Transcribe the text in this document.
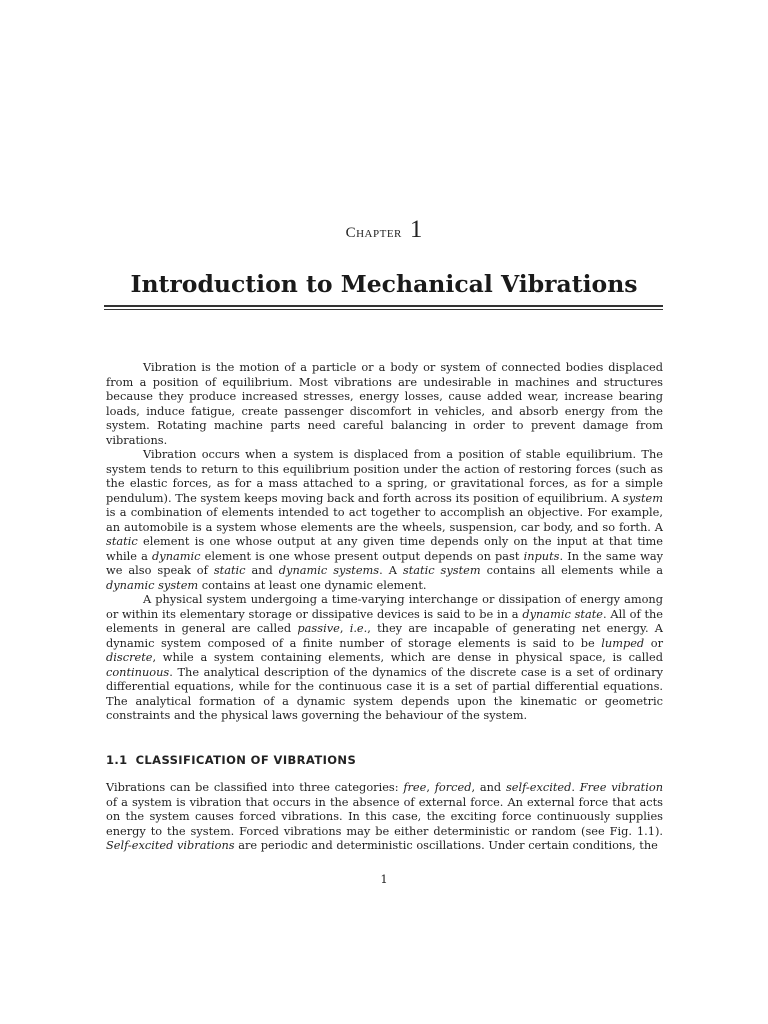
Chapter 1
Introduction to Mechanical Vibrations

Vibration is the motion of a particle or a body or system of connected bodies displaced from a position of equilibrium. Most vibrations are undesirable in machines and structures because they produce increased stresses, energy losses, cause added wear, increase bearing loads, induce fatigue, create passenger discomfort in vehicles, and absorb energy from the system. Rotating machine parts need careful balancing in order to prevent damage from vibrations.

Vibration occurs when a system is displaced from a position of stable equilibrium. The system tends to return to this equilibrium position under the action of restoring forces (such as the elastic forces, as for a mass attached to a spring, or gravitational forces, as for a simple pendulum). The system keeps moving back and forth across its position of equilibrium. A system is a combination of elements intended to act together to accomplish an objective. For example, an automobile is a system whose elements are the wheels, suspension, car body, and so forth. A static element is one whose output at any given time depends only on the input at that time while a dynamic element is one whose present output depends on past inputs. In the same way we also speak of static and dynamic systems. A static system contains all elements while a dynamic system contains at least one dynamic element.

A physical system undergoing a time-varying interchange or dissipation of energy among or within its elementary storage or dissipative devices is said to be in a dynamic state. All of the elements in general are called passive, i.e., they are incapable of generating net energy. A dynamic system composed of a finite number of storage elements is said to be lumped or discrete, while a system containing elements, which are dense in physical space, is called continuous. The analytical description of the dynamics of the discrete case is a set of ordinary differential equations, while for the continuous case it is a set of partial differential equations. The analytical formation of a dynamic system depends upon the kinematic or geometric constraints and the physical laws governing the behaviour of the system.

1.1 CLASSIFICATION OF VIBRATIONS

Vibrations can be classified into three categories: free, forced, and self-excited. Free vibration of a system is vibration that occurs in the absence of external force. An external force that acts on the system causes forced vibrations. In this case, the exciting force continuously supplies energy to the system. Forced vibrations may be either deterministic or random (see Fig. 1.1). Self-excited vibrations are periodic and deterministic oscillations. Under certain conditions, the

1
